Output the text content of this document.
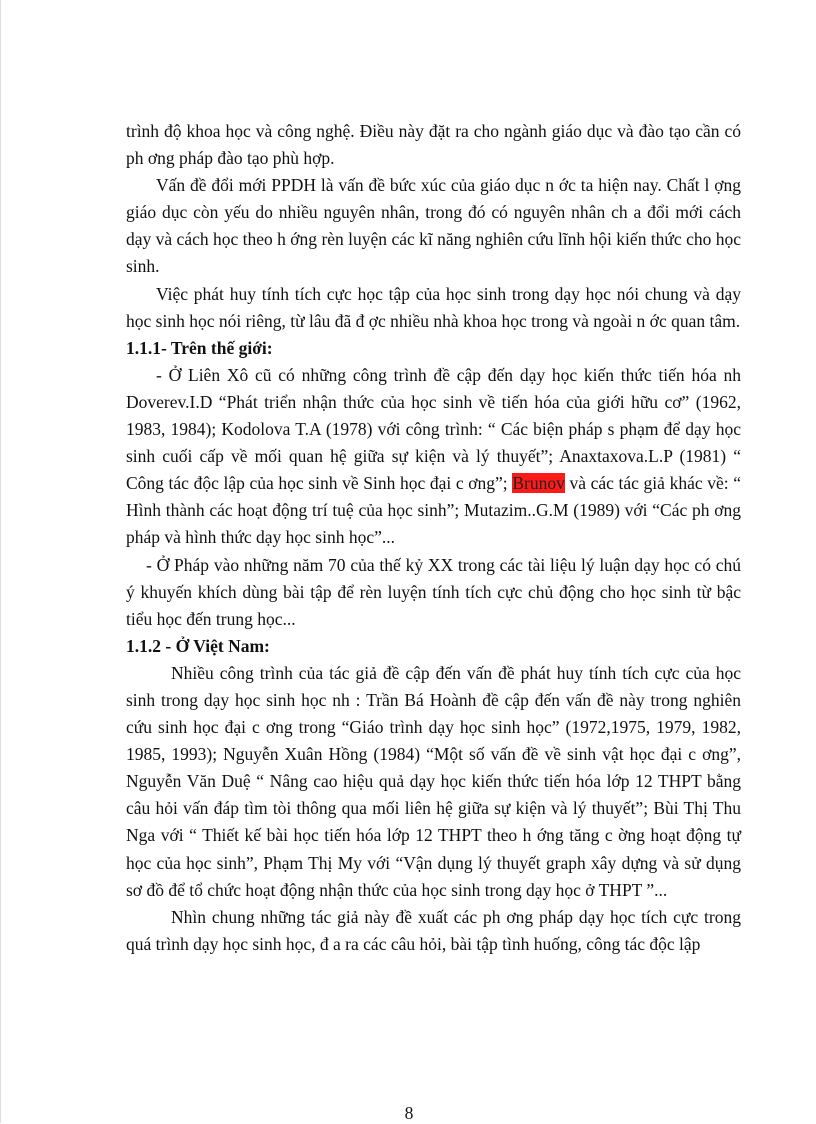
trình độ khoa học và công nghệ. Điều này đặt ra cho ngành giáo dục và đào tạo cần có ph ơng pháp đào tạo phù hợp.

Vấn đề đổi mới PPDH là vấn đề bức xúc của giáo dục n ớc ta hiện nay. Chất l ợng giáo dục còn yếu do nhiều nguyên nhân, trong đó có nguyên nhân ch a đổi mới cách dạy và cách học theo h ớng rèn luyện các kĩ năng nghiên cứu lĩnh hội kiến thức cho học sinh.

Việc phát huy tính tích cực học tập của học sinh trong dạy học nói chung và dạy học sinh học nói riêng, từ lâu đã đ ợc nhiều nhà khoa học trong và ngoài n ớc quan tâm.

1.1.1- Trên thế giới:

- Ở Liên Xô cũ có những công trình đề cập đến dạy học kiến thức tiến hóa nh Doverev.I.D “Phát triển nhận thức của học sinh về tiến hóa của giới hữu cơ” (1962, 1983, 1984); Kodolova T.A (1978) với công trình: “ Các biện pháp s phạm để dạy học sinh cuối cấp về mối quan hệ giữa sự kiện và lý thuyết”; Anaxtaxova.L.P (1981) “ Công tác độc lập của học sinh về Sinh học đại c ơng”; Brunov và các tác giả khác về: “ Hình thành các hoạt động trí tuệ của học sinh”; Mutazim..G.M (1989) với “Các ph ơng pháp và hình thức dạy học sinh học”...

- Ở Pháp vào những năm 70 của thế kỷ XX trong các tài liệu lý luận dạy học có chú ý khuyến khích dùng bài tập để rèn luyện tính tích cực chủ động cho học sinh từ bậc tiểu học đến trung học...

1.1.2 - Ở Việt Nam:

Nhiều công trình của tác giả đề cập đến vấn đề phát huy tính tích cực của học sinh trong dạy học sinh học nh : Trần Bá Hoành đề cập đến vấn đề này trong nghiên cứu sinh học đại c ơng trong “Giáo trình dạy học sinh học” (1972,1975, 1979, 1982, 1985, 1993); Nguyễn Xuân Hồng (1984) “Một số vấn đề về sinh vật học đại c ơng”, Nguyễn Văn Duệ “ Nâng cao hiệu quả dạy học kiến thức tiến hóa lớp 12 THPT bằng câu hỏi vấn đáp tìm tòi thông qua mối liên hệ giữa sự kiện và lý thuyết”; Bùi Thị Thu Nga với “ Thiết kế bài học tiến hóa lớp 12 THPT theo h ớng tăng c ờng hoạt động tự học của học sinh”, Phạm Thị My với “Vận dụng lý thuyết graph xây dựng và sử dụng sơ đồ để tổ chức hoạt động nhận thức của học sinh trong dạy học ở THPT ”...

Nhìn chung những tác giả này đề xuất các ph ơng pháp dạy học tích cực trong quá trình dạy học sinh học, đ a ra các câu hỏi, bài tập tình huống, công tác độc lập

8
